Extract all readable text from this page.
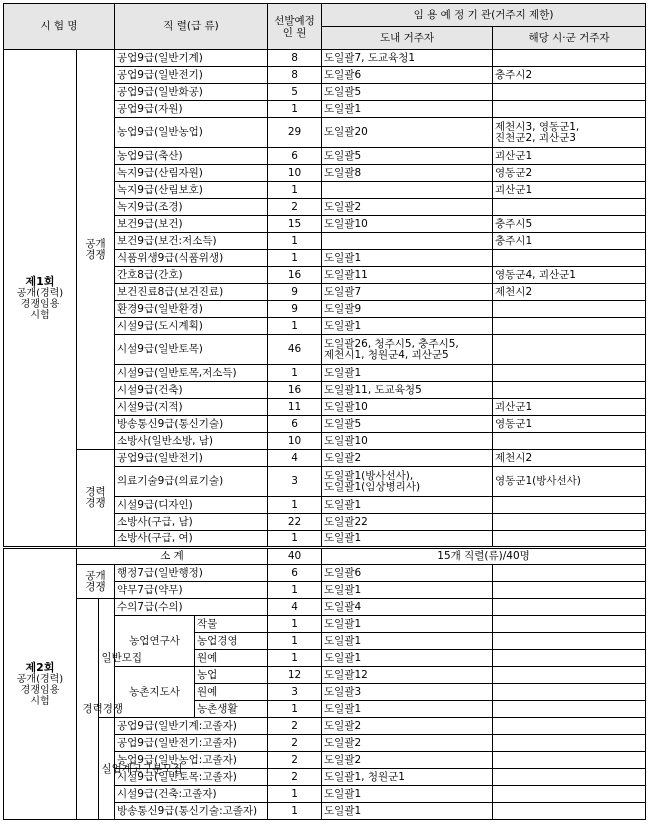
시 험 명			직 렬(급 류)		선발예정
인 원	임 용 예 정 기 관(거주지 제한)	
						도내 거주자	해당 시·군 거주자
제1회
공개(경력)
경쟁임용
시험	공개
경쟁		공업9급(일반기계)		8	도일괄7, 도교육청1	
			공업9급(일반전기)		8	도일괄6	충주시2
			공업9급(일반화공)		5	도일괄5	
			공업9급(자원)		1	도일괄1	
			농업9급(일반농업)		29	도일괄20	제천시3, 영동군1,
진천군2, 괴산군3
			농업9급(축산)		6	도일괄5	괴산군1
			녹지9급(산림자원)		10	도일괄8	영동군2
			녹지9급(산림보호)		1		괴산군1
			녹지9급(조경)		2	도일괄2	
			보건9급(보건)		15	도일괄10	충주시5
			보건9급(보건:저소득)		1		충주시1
			식품위생9급(식품위생)		1	도일괄1	
			간호8급(간호)		16	도일괄11	영동군4, 괴산군1
			보건진료8급(보건진료)		9	도일괄7	제천시2
			환경9급(일반환경)		9	도일괄9	
			시설9급(도시계획)		1	도일괄1	
			시설9급(일반토목)		46	도일괄26, 청주시5, 충주시5,
제천시1, 청원군4, 괴산군5	
			시설9급(일반토목,저소득)		1	도일괄1	
			시설9급(건축)		16	도일괄11, 도교육청5	
			시설9급(지적)		11	도일괄10	괴산군1
			방송통신9급(통신기술)		6	도일괄5	영동군1
			소방사(일반소방, 남)		10	도일괄10	
	경력
경쟁		공업9급(일반전기)		4	도일괄2	제천시2
			의료기술9급(의료기술)		3	도일괄1(방사선사),
도일괄1(임상병리사)	영동군1(방사선사)
			시설9급(디자인)		1	도일괄1	
			소방사(구급, 남)		22	도일괄22	
			소방사(구급, 여)		1	도일괄1	
제2회
공개(경력)
경쟁임용
시험	소 계				40	15개 직렬(류)/40명	
	공개
경쟁		행정7급(일반행정)		6	도일괄6	
			약무7급(약무)		1	도일괄1	

	경력경쟁	일반모집	수의7급(수의)		4	도일괄4	
			농업연구사	작물	1	도일괄1	
				농업경영	1	도일괄1	
				원예	1	도일괄1	
			농촌지도사	농업	12	도일괄12	
				원예	3	도일괄3	
				농촌생활	1	도일괄1	

		실업계고구분모집	공업9급(일반기계:고졸자)		2	도일괄2	
			공업9급(일반전기:고졸자)		2	도일괄2	
			농업9급(일반농업:고졸자)		2	도일괄2	
			시설9급(일반토목:고졸자)		2	도일괄1, 청원군1	
			시설9급(건축:고졸자)		1	도일괄1	
			방송통신9급(통신기술:고졸자)		1	도일괄1	
